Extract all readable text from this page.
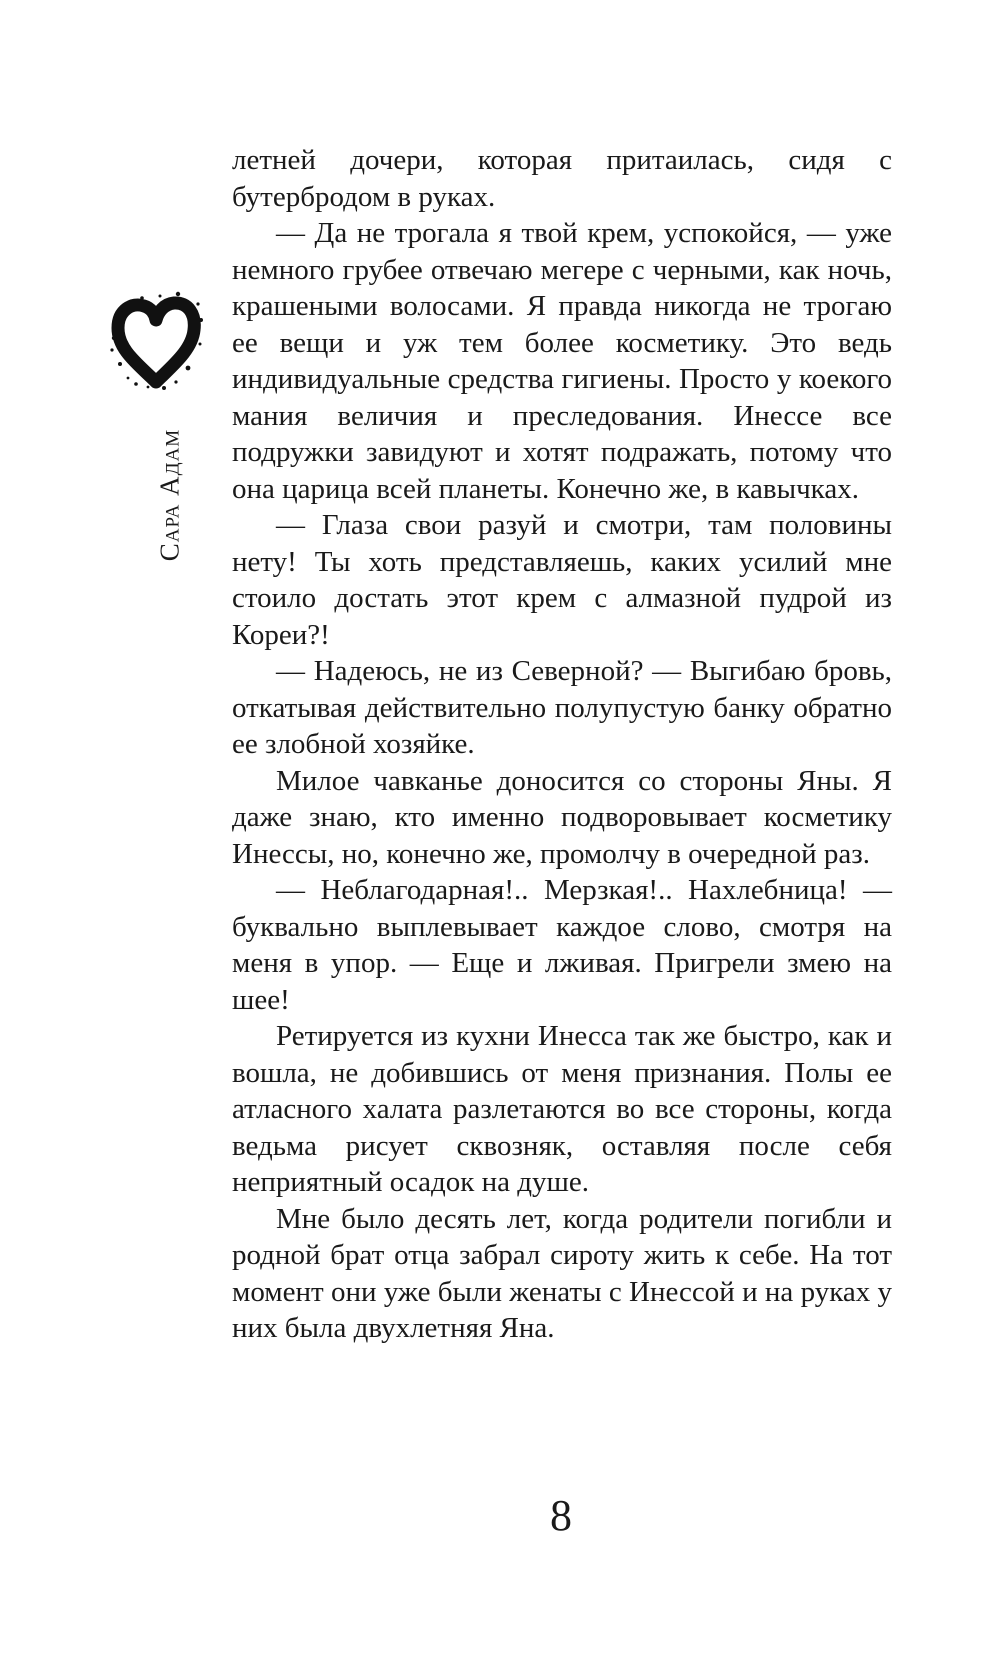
Сара Адам

летней дочери, которая притаилась, сидя с бутербродом в руках.

— Да не трогала я твой крем, успокойся, — уже немного грубее отвечаю мегере с черными, как ночь, крашеными волосами. Я правда никогда не трогаю ее вещи и уж тем более косметику. Это ведь индивидуальные средства гигиены. Просто у коекого мания величия и преследования. Инессе все подружки завидуют и хотят подражать, потому что она царица всей планеты. Конечно же, в кавычках.

— Глаза свои разуй и смотри, там половины нету! Ты хоть представляешь, каких усилий мне стоило достать этот крем с алмазной пудрой из Кореи?!

— Надеюсь, не из Северной? — Выгибаю бровь, откатывая действительно полупустую банку обратно ее злобной хозяйке.

Милое чавканье доносится со стороны Яны. Я даже знаю, кто именно подворовывает косметику Инессы, но, конечно же, промолчу в очередной раз.

— Неблагодарная!.. Мерзкая!.. Нахлебница! — буквально выплевывает каждое слово, смотря на меня в упор. — Еще и лживая. Пригрели змею на шее!

Ретируется из кухни Инесса так же быстро, как и вошла, не добившись от меня признания. Полы ее атласного халата разлетаются во все стороны, когда ведьма рисует сквозняк, оставляя после себя неприятный осадок на душе.

Мне было десять лет, когда родители погибли и родной брат отца забрал сироту жить к себе. На тот момент они уже были женаты с Инессой и на руках у них была двухлетняя Яна.

8
